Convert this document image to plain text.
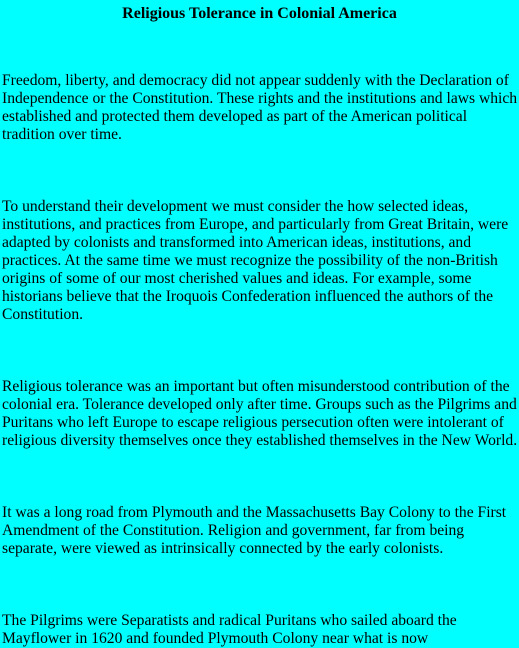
Religious Tolerance in Colonial America

Freedom, liberty, and democracy did not appear suddenly with the Declaration of
Independence or the Constitution. These rights and the institutions and laws which
established and protected them developed as part of the American political
tradition over time.

To understand their development we must consider the how selected ideas,
institutions, and practices from Europe, and particularly from Great Britain, were
adapted by colonists and transformed into American ideas, institutions, and
practices. At the same time we must recognize the possibility of the non-British
origins of some of our most cherished values and ideas. For example, some
historians believe that the Iroquois Confederation influenced the authors of the
Constitution.

Religious tolerance was an important but often misunderstood contribution of the
colonial era. Tolerance developed only after time. Groups such as the Pilgrims and
Puritans who left Europe to escape religious persecution often were intolerant of
religious diversity themselves once they established themselves in the New World.

It was a long road from Plymouth and the Massachusetts Bay Colony to the First
Amendment of the Constitution. Religion and government, far from being
separate, were viewed as intrinsically connected by the early colonists.

The Pilgrims were Separatists and radical Puritans who sailed aboard the
Mayflower in 1620 and founded Plymouth Colony near what is now
